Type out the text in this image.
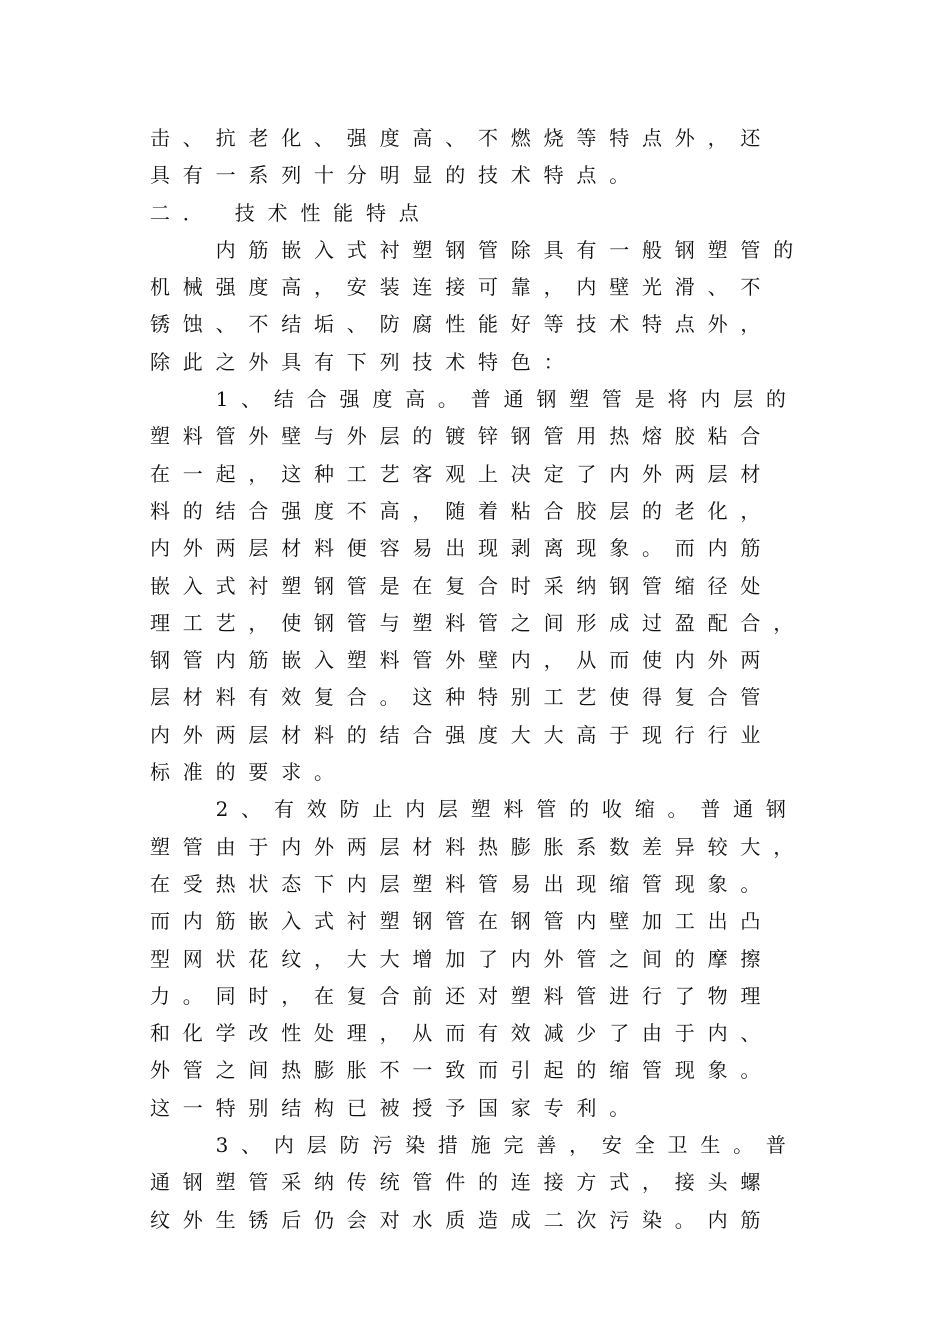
击、抗老化、强度高、不燃烧等特点外，还
具有一系列十分明显的技术特点。
二． 技术性能特点
　　内筋嵌入式衬塑钢管除具有一般钢塑管的
机械强度高，安装连接可靠，内壁光滑、不
锈蚀、不结垢、防腐性能好等技术特点外，
除此之外具有下列技术特色：
　　1、结合强度高。普通钢塑管是将内层的
塑料管外壁与外层的镀锌钢管用热熔胶粘合
在一起，这种工艺客观上决定了内外两层材
料的结合强度不高，随着粘合胶层的老化，
内外两层材料便容易出现剥离现象。而内筋
嵌入式衬塑钢管是在复合时采纳钢管缩径处
理工艺，使钢管与塑料管之间形成过盈配合，
钢管内筋嵌入塑料管外壁内，从而使内外两
层材料有效复合。这种特别工艺使得复合管
内外两层材料的结合强度大大高于现行行业
标准的要求。
　　2、有效防止内层塑料管的收缩。普通钢
塑管由于内外两层材料热膨胀系数差异较大，
在受热状态下内层塑料管易出现缩管现象。
而内筋嵌入式衬塑钢管在钢管内壁加工出凸
型网状花纹，大大增加了内外管之间的摩擦
力。同时，在复合前还对塑料管进行了物理
和化学改性处理，从而有效减少了由于内、
外管之间热膨胀不一致而引起的缩管现象。
这一特别结构已被授予国家专利。
　　3、内层防污染措施完善，安全卫生。普
通钢塑管采纳传统管件的连接方式，接头螺
纹外生锈后仍会对水质造成二次污染。内筋
